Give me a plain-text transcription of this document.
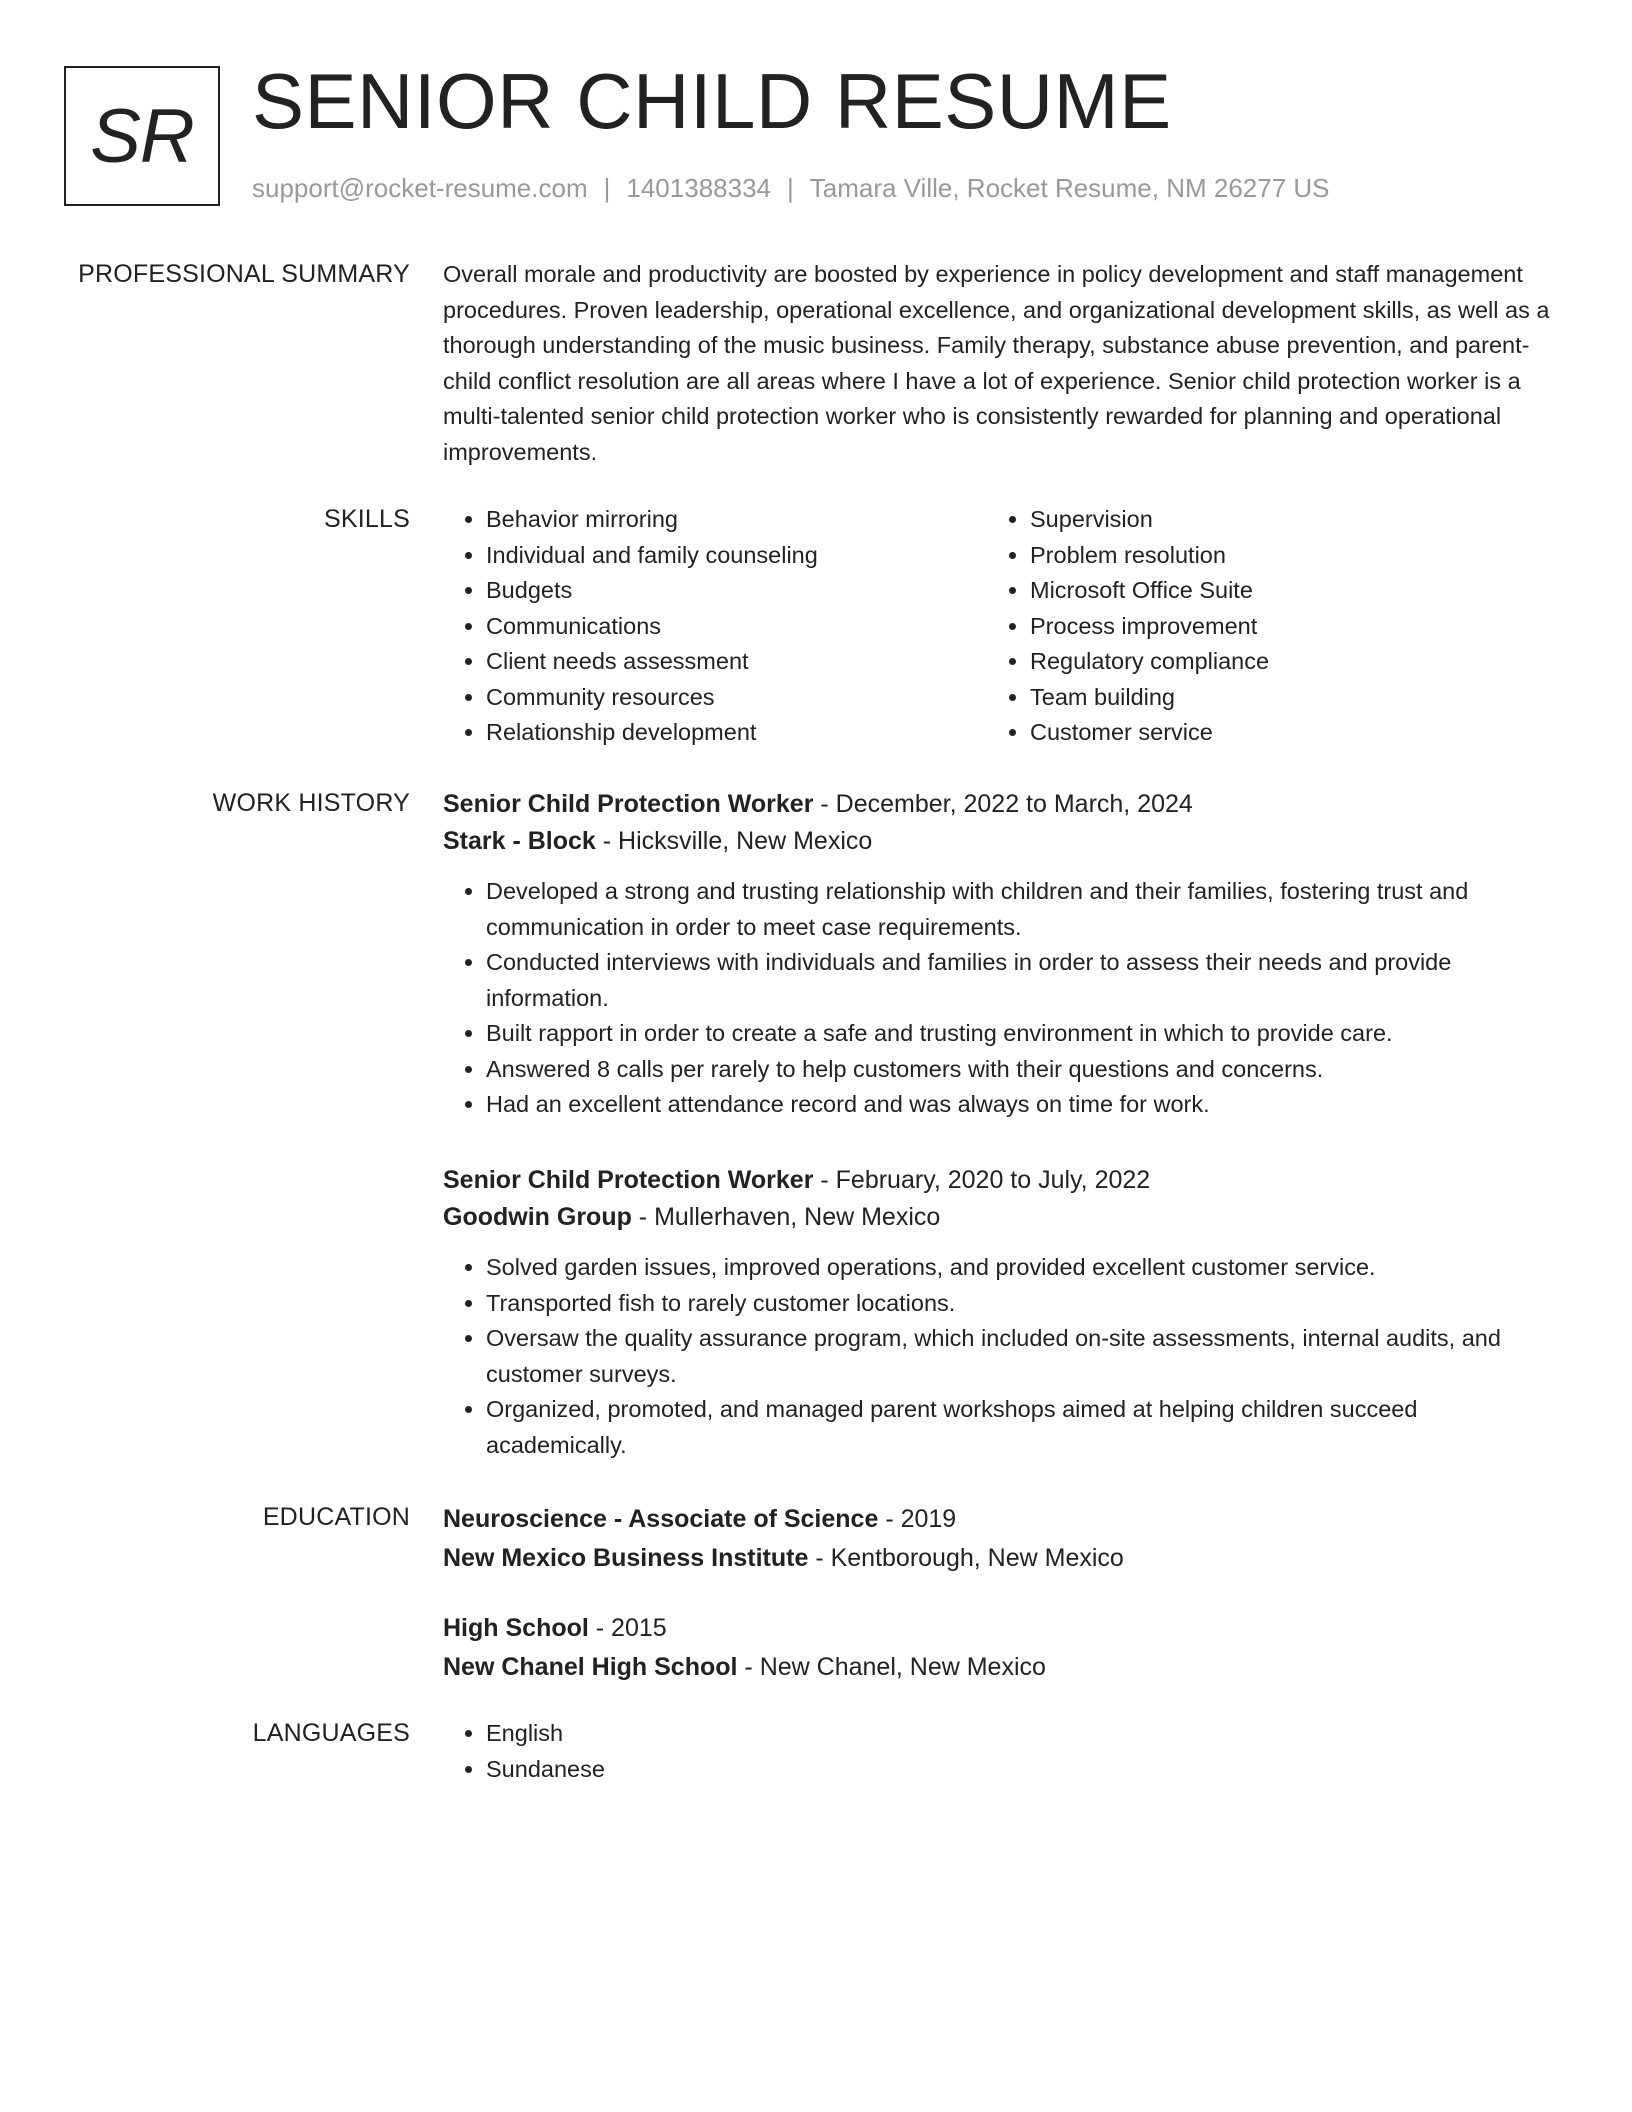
SR SENIOR CHILD RESUME
support@rocket-resume.com | 1401388334 | Tamara Ville, Rocket Resume, NM 26277 US
PROFESSIONAL SUMMARY Overall morale and productivity are boosted by experience in policy development and staff management procedures. Proven leadership, operational excellence, and organizational development skills, as well as a thorough understanding of the music business. Family therapy, substance abuse prevention, and parent-child conflict resolution are all areas where I have a lot of experience. Senior child protection worker is a multi-talented senior child protection worker who is consistently rewarded for planning and operational improvements.

SKILLS	• Behavior mirroring
• Individual and family counseling
• Budgets
• Communications
• Client needs assessment
• Community resources
• Relationship development
• Supervision
• Problem resolution
• Microsoft Office Suite
• Process improvement
• Regulatory compliance
• Team building
• Customer service
WORK HISTORY Senior Child Protection Worker - December, 2022 to March, 2024
Stark - Block - Hicksville, New Mexico
• Developed a strong and trusting relationship with children and their families, fostering trust and communication in order to meet case requirements.
• Conducted interviews with individuals and families in order to assess their needs and provide information.
• Built rapport in order to create a safe and trusting environment in which to provide care.
• Answered 8 calls per rarely to help customers with their questions and concerns.
• Had an excellent attendance record and was always on time for work.
Senior Child Protection Worker - February, 2020 to July, 2022
Goodwin Group - Mullerhaven, New Mexico
• Solved garden issues, improved operations, and provided excellent customer service.
• Transported fish to rarely customer locations.
• Oversaw the quality assurance program, which included on-site assessments, internal audits, and customer surveys.
• Organized, promoted, and managed parent workshops aimed at helping children succeed academically.
EDUCATION Neuroscience - Associate of Science - 2019
New Mexico Business Institute - Kentborough, New Mexico
High School - 2015
New Chanel High School - New Chanel, New Mexico
LANGUAGES	• English
• Sundanese
